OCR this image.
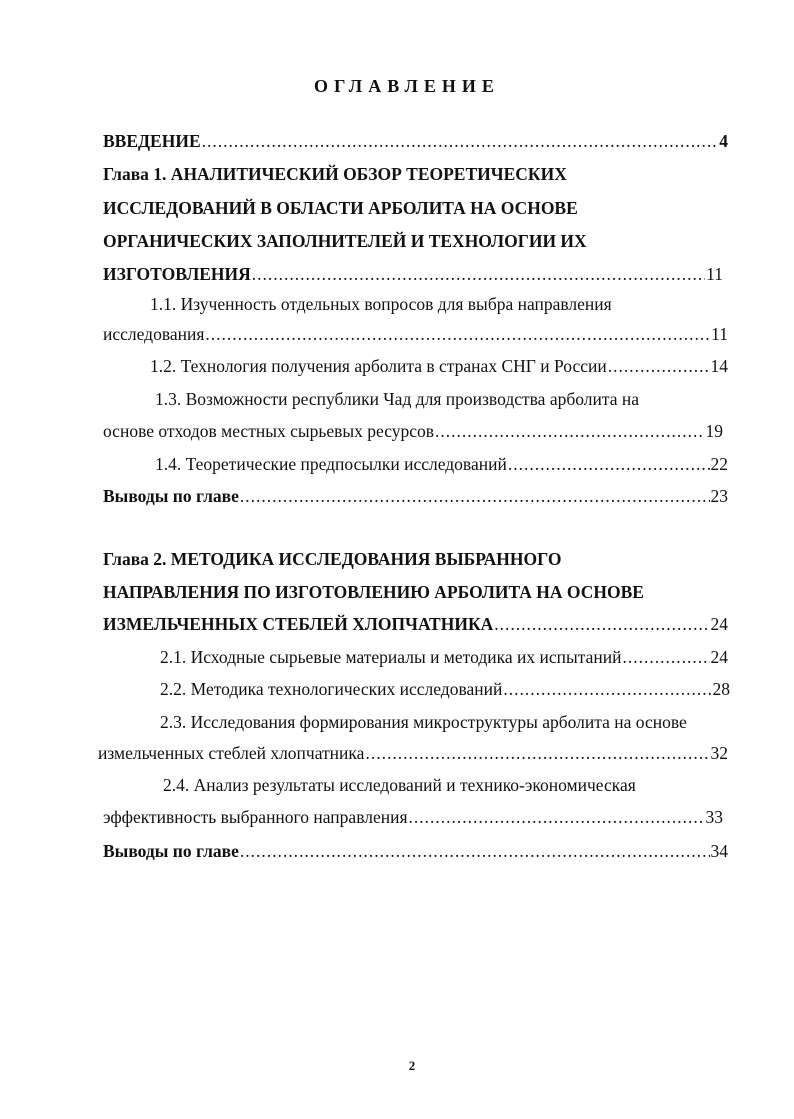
ОГЛАВЛЕНИЕ
ВВЕДЕНИЕ .....	4
Глава 1. АНАЛИТИЧЕСКИЙ ОБЗОР ТЕОРЕТИЧЕСКИХ
ИССЛЕДОВАНИЙ В ОБЛАСТИ АРБОЛИТА НА ОСНОВЕ
ОРГАНИЧЕСКИХ ЗАПОЛНИТЕЛЕЙ И ТЕХНОЛОГИИ ИХ
ИЗГОТОВЛЕНИЯ .....	11
1.1. Изученность отдельных вопросов для выбра направления
исследования .....	11
1.2. Технология получения арболита в странах СНГ и России .....	14
1.3. Возможности республики Чад для производства арболита на
основе отходов местных сырьевых ресурсов .....	19
1.4. Теоретические предпосылки исследований .....	22
Выводы по главе .....	23
Глава 2. МЕТОДИКА ИССЛЕДОВАНИЯ ВЫБРАННОГО
НАПРАВЛЕНИЯ ПО ИЗГОТОВЛЕНИЮ АРБОЛИТА НА ОСНОВЕ
ИЗМЕЛЬЧЕННЫХ СТЕБЛЕЙ ХЛОПЧАТНИКА .....	24
2.1. Исходные сырьевые материалы и методика их испытаний .....	24
2.2. Методика технологических исследований .....	28
2.3. Исследования формирования микроструктуры арболита на основе
измельченных стеблей хлопчатника .....	32
2.4. Анализ результаты исследований и технико-экономическая
эффективность выбранного направления .....	33
Выводы по главе .....	34
2
